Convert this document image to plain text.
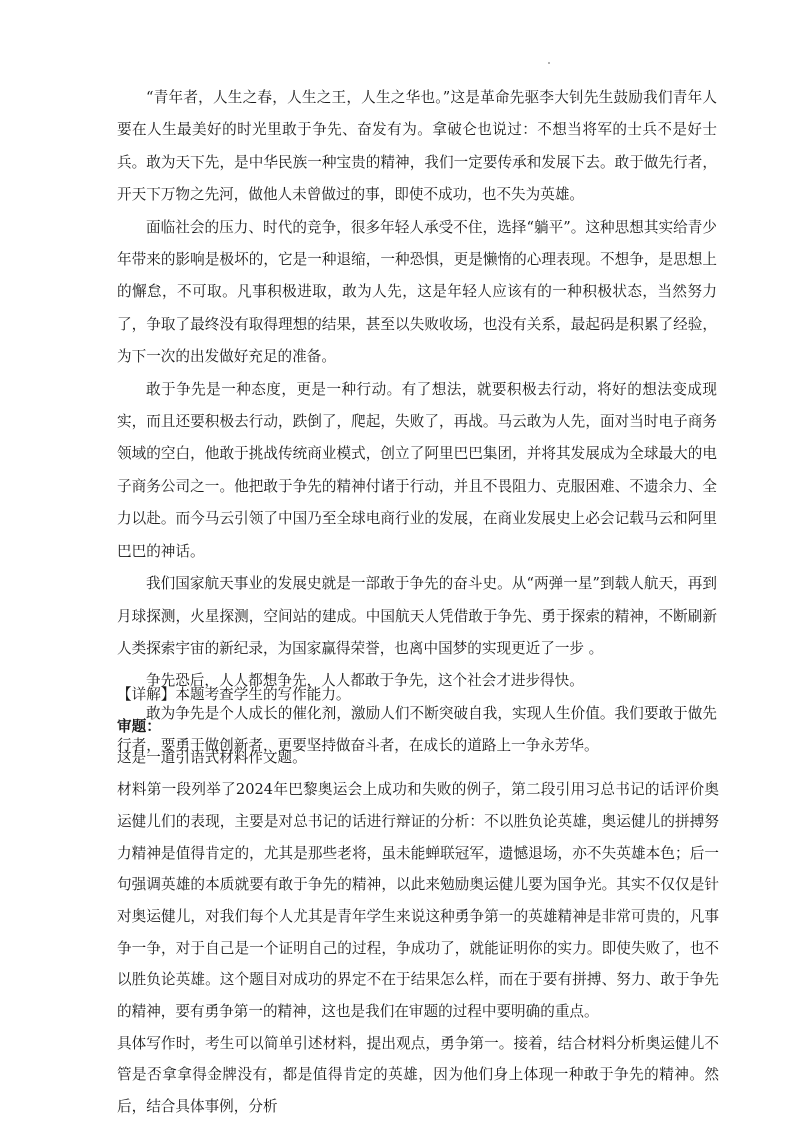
“青年者，人生之春，人生之王，人生之华也。”这是革命先驱李大钊先生鼓励我们青年人要在人生最美好的时光里敢于争先、奋发有为。拿破仑也说过：不想当将军的士兵不是好士兵。敢为天下先，是中华民族一种宝贵的精神，我们一定要传承和发展下去。敢于做先行者，开天下万物之先河，做他人未曾做过的事，即使不成功，也不失为英雄。

面临社会的压力、时代的竞争，很多年轻人承受不住，选择“躺平”。这种思想其实给青少年带来的影响是极坏的，它是一种退缩，一种恐惧，更是懒惰的心理表现。不想争，是思想上的懈怠，不可取。凡事积极进取，敢为人先，这是年轻人应该有的一种积极状态，当然努力了，争取了最终没有取得理想的结果，甚至以失败收场，也没有关系，最起码是积累了经验，为下一次的出发做好充足的准备。

敢于争先是一种态度，更是一种行动。有了想法，就要积极去行动，将好的想法变成现实，而且还要积极去行动，跌倒了，爬起，失败了，再战。马云敢为人先，面对当时电子商务领域的空白，他敢于挑战传统商业模式，创立了阿里巴巴集团，并将其发展成为全球最大的电子商务公司之一。他把敢于争先的精神付诸于行动，并且不畏阻力、克服困难、不遗余力、全力以赴。而今马云引领了中国乃至全球电商行业的发展，在商业发展史上必会记载马云和阿里巴巴的神话。

我们国家航天事业的发展史就是一部敢于争先的奋斗史。从“两弹一星”到载人航天，再到月球探测，火星探测，空间站的建成。中国航天人凭借敢于争先、勇于探索的精神，不断刷新人类探索宇宙的新纪录，为国家赢得荣誉，也离中国梦的实现更近了一步 。

争先恐后，人人都想争先，人人都敢于争先，这个社会才进步得快。

敢为争先是个人成长的催化剂，激励人们不断突破自我，实现人生价值。我们要敢于做先行者，要勇于做创新者，更要坚持做奋斗者，在成长的道路上一争永芳华。

【详解】本题考查学生的写作能力。

审题：

这是一道引语式材料作文题。

材料第一段列举了2024年巴黎奥运会上成功和失败的例子，第二段引用习总书记的话评价奥运健儿们的表现，主要是对总书记的话进行辩证的分析：不以胜负论英雄，奥运健儿的拼搏努力精神是值得肯定的，尤其是那些老将，虽未能蝉联冠军，遗憾退场，亦不失英雄本色；后一句强调英雄的本质就要有敢于争先的精神，以此来勉励奥运健儿要为国争光。其实不仅仅是针对奥运健儿，对我们每个人尤其是青年学生来说这种勇争第一的英雄精神是非常可贵的，凡事争一争，对于自己是一个证明自己的过程，争成功了，就能证明你的实力。即使失败了，也不以胜负论英雄。这个题目对成功的界定不在于结果怎么样，而在于要有拼搏、努力、敢于争先的精神，要有勇争第一的精神，这也是我们在审题的过程中要明确的重点。

具体写作时，考生可以简单引述材料，提出观点，勇争第一。接着，结合材料分析奥运健儿不管是否拿拿得金牌没有，都是值得肯定的英雄，因为他们身上体现一种敢于争先的精神。然后，结合具体事例，分析
